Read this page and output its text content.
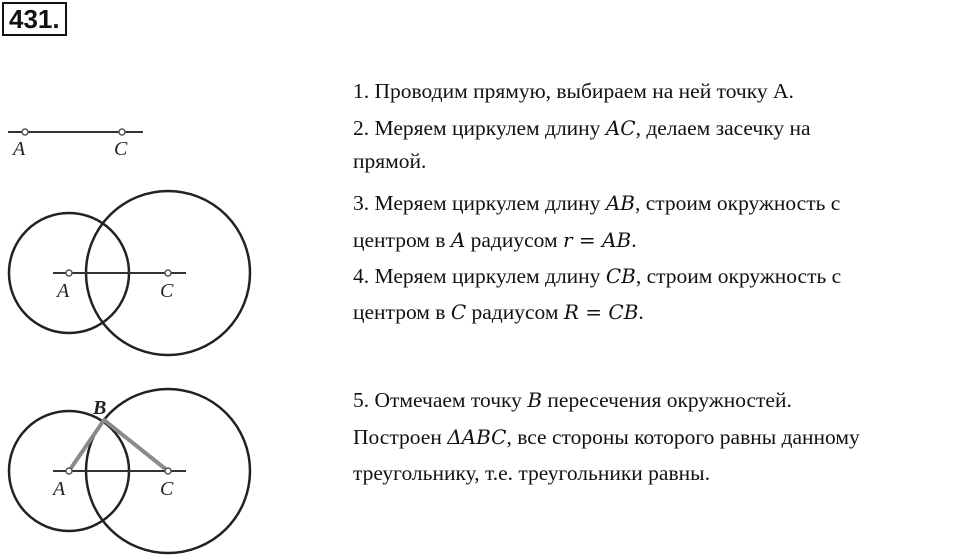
431.
A	C
A	C
B
A	C
1. Проводим прямую, выбираем на ней точку А.
2. Меряем циркулем длину AC, делаем засечку на
прямой.
3. Меряем циркулем длину AB, строим окружность с
центром в A радиусом r = AB.
4. Меряем циркулем длину CB, строим окружность с
центром в C радиусом R = CB.
5. Отмечаем точку B пересечения окружностей.
Построен ΔABC, все стороны которого равны данному
треугольнику, т.е. треугольники равны.
